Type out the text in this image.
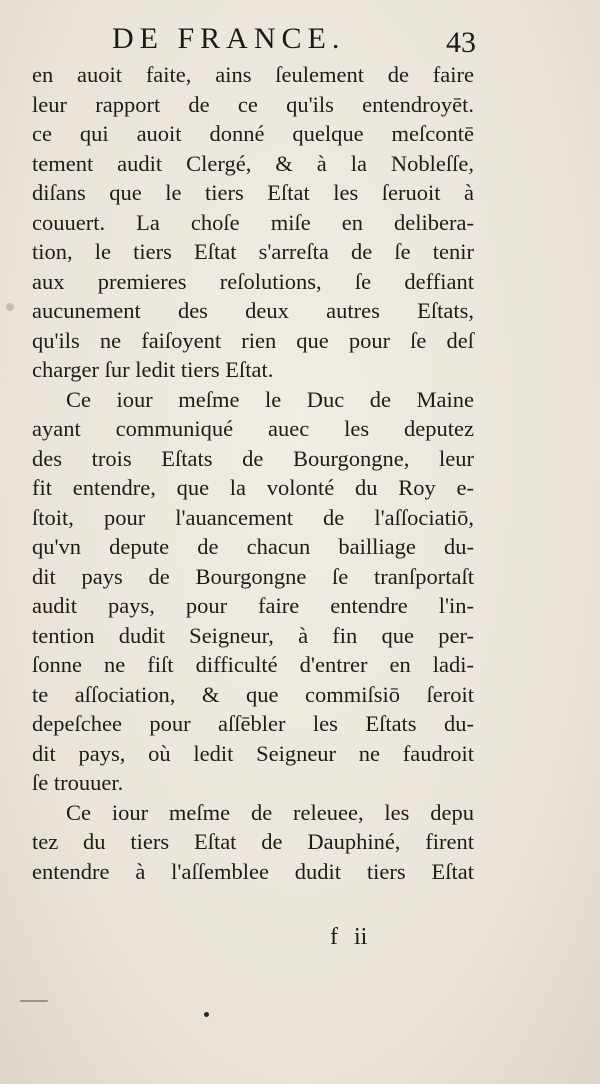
DE FRANCE.	43
en auoit faite, ains ſeulement de faire
leur rapport de ce qu'ils entendroyēt.
ce qui auoit donné quelque meſcontē
tement audit Clergé, & à la Nobleſſe,
diſans que le tiers Eſtat les ſeruoit à
couuert. La choſe miſe en delibera-
tion, le tiers Eſtat s'arreſta de ſe tenir
aux premieres reſolutions, ſe deffiant
aucunement des deux autres Eſtats,
qu'ils ne faiſoyent rien que pour ſe deſ
charger ſur ledit tiers Eſtat.
Ce iour meſme le Duc de Maine
ayant communiqué auec les deputez
des trois Eſtats de Bourgongne, leur
fit entendre, que la volonté du Roy e-
ſtoit, pour l'auancement de l'aſſociatiō,
qu'vn depute de chacun bailliage du-
dit pays de Bourgongne ſe tranſportaſt
audit pays, pour faire entendre l'in-
tention dudit Seigneur, à fin que per-
ſonne ne fiſt difficulté d'entrer en ladi-
te aſſociation, & que commiſsiō ſeroit
depeſchee pour aſſēbler les Eſtats du-
dit pays, où ledit Seigneur ne faudroit
ſe trouuer.
Ce iour meſme de releuee, les depu
tez du tiers Eſtat de Dauphiné, firent
entendre à l'aſſemblee dudit tiers Eſtat
f ii
